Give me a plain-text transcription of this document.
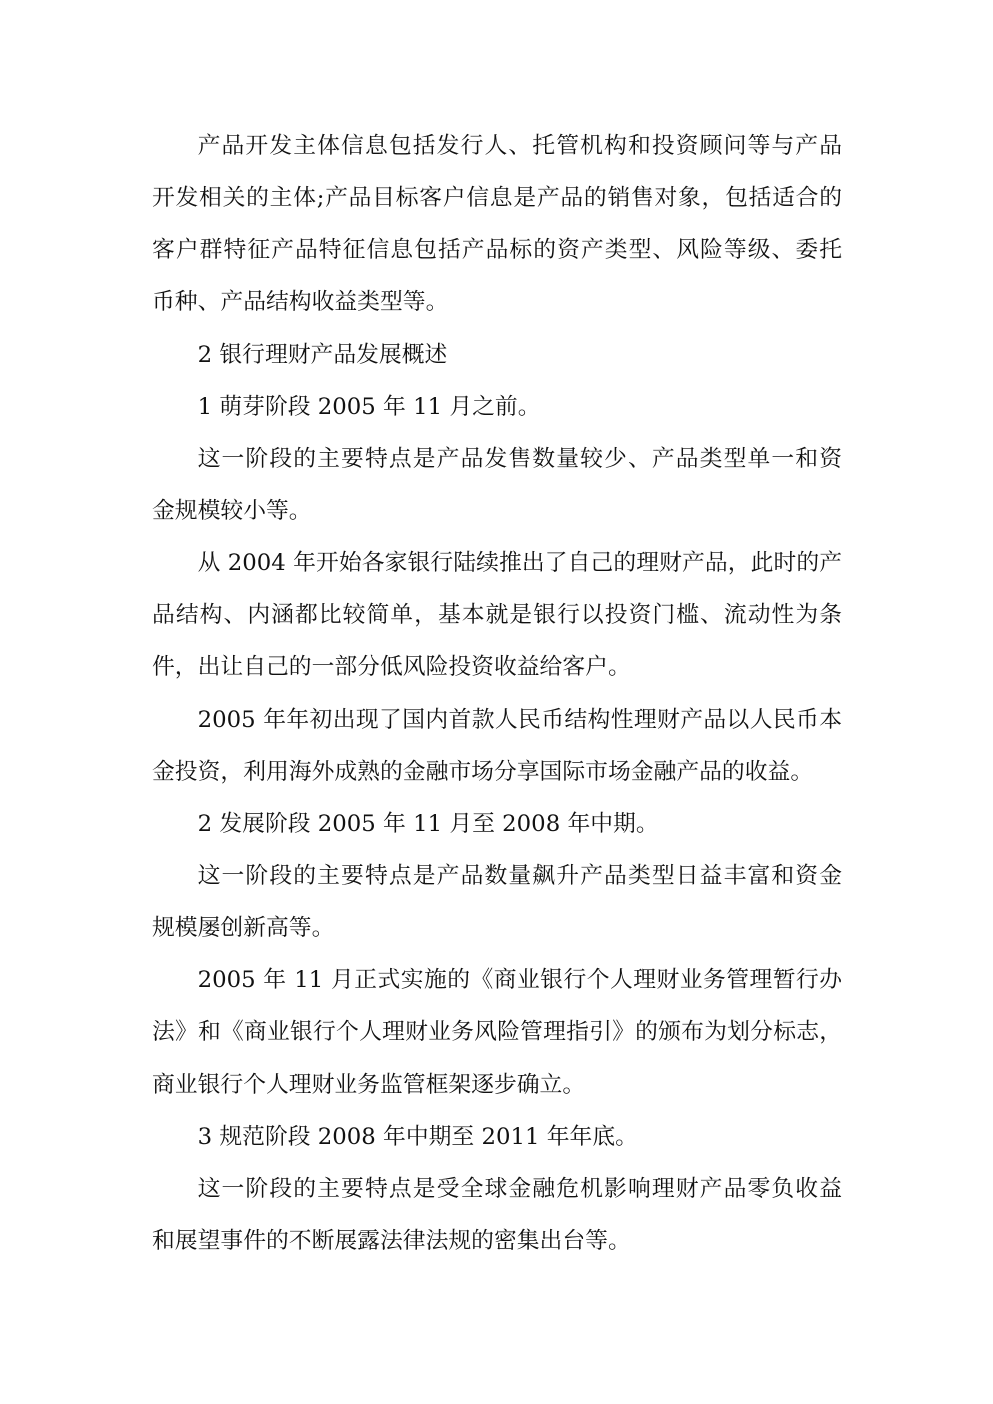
产品开发主体信息包括发行人、托管机构和投资顾问等与产品
开发相关的主体;产品目标客户信息是产品的销售对象，包括适合的
客户群特征产品特征信息包括产品标的资产类型、风险等级、委托
币种、产品结构收益类型等。
2 银行理财产品发展概述
1 萌芽阶段 2005 年 11 月之前。
这一阶段的主要特点是产品发售数量较少、产品类型单一和资
金规模较小等。
从 2004 年开始各家银行陆续推出了自己的理财产品，此时的产
品结构、内涵都比较简单，基本就是银行以投资门槛、流动性为条
件，出让自己的一部分低风险投资收益给客户。
2005 年年初出现了国内首款人民币结构性理财产品以人民币本
金投资，利用海外成熟的金融市场分享国际市场金融产品的收益。
2 发展阶段 2005 年 11 月至 2008 年中期。
这一阶段的主要特点是产品数量飙升产品类型日益丰富和资金
规模屡创新高等。
2005 年 11 月正式实施的《商业银行个人理财业务管理暂行办
法》和《商业银行个人理财业务风险管理指引》的颁布为划分标志，
商业银行个人理财业务监管框架逐步确立。
3 规范阶段 2008 年中期至 2011 年年底。
这一阶段的主要特点是受全球金融危机影响理财产品零负收益
和展望事件的不断展露法律法规的密集出台等。
